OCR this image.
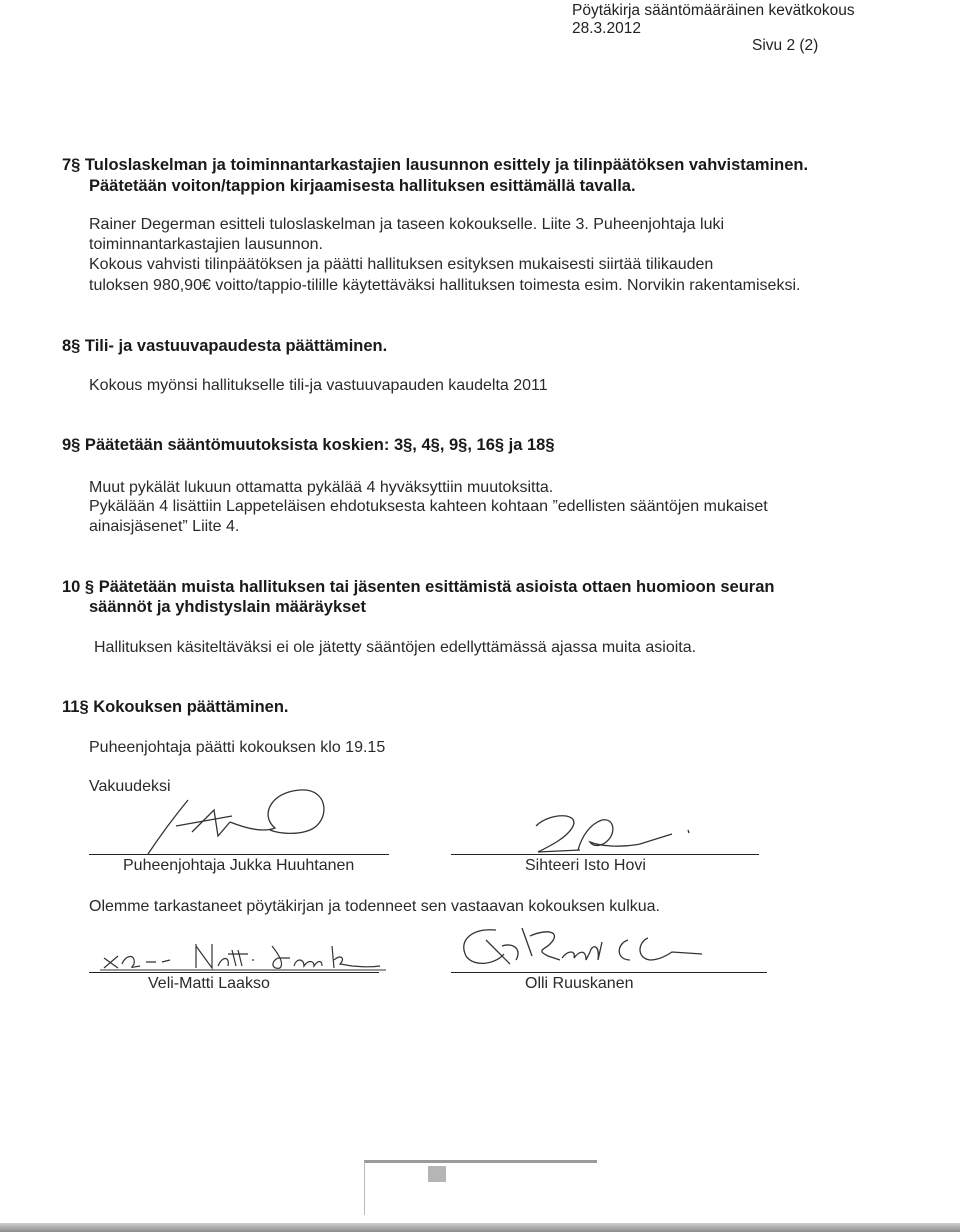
Pöytäkirja sääntömääräinen kevätkokous
28.3.2012
Sivu 2 (2)
7§ Tuloslaskelman ja toiminnantarkastajien lausunnon esittely ja tilinpäätöksen vahvistaminen.
Päätetään voiton/tappion kirjaamisesta hallituksen esittämällä tavalla.
Rainer Degerman esitteli tuloslaskelman ja taseen kokoukselle. Liite 3. Puheenjohtaja luki
toiminnantarkastajien lausunnon.
Kokous vahvisti tilinpäätöksen ja päätti hallituksen esityksen mukaisesti siirtää tilikauden
tuloksen 980,90€ voitto/tappio-tilille käytettäväksi hallituksen toimesta esim. Norvikin rakentamiseksi.
8§ Tili- ja vastuuvapaudesta päättäminen.
Kokous myönsi hallitukselle tili-ja vastuuvapauden kaudelta 2011
9§ Päätetään sääntömuutoksista koskien: 3§, 4§, 9§, 16§ ja 18§
Muut pykälät lukuun ottamatta pykälää 4 hyväksyttiin muutoksitta.
Pykälään 4 lisättiin Lappeteläisen ehdotuksesta kahteen kohtaan ”edellisten sääntöjen mukaiset
ainaisjäsenet” Liite 4.
10 § Päätetään muista hallituksen tai jäsenten esittämistä asioista ottaen huomioon seuran
säännöt ja yhdistyslain määräykset
Hallituksen käsiteltäväksi ei ole jätetty sääntöjen edellyttämässä ajassa muita asioita.
11§ Kokouksen päättäminen.
Puheenjohtaja päätti kokouksen klo 19.15
Vakuudeksi
Puheenjohtaja Jukka Huuhtanen	Sihteeri Isto Hovi
Olemme tarkastaneet pöytäkirjan ja todenneet sen vastaavan kokouksen kulkua.
Veli-Matti Laakso	Olli Ruuskanen
